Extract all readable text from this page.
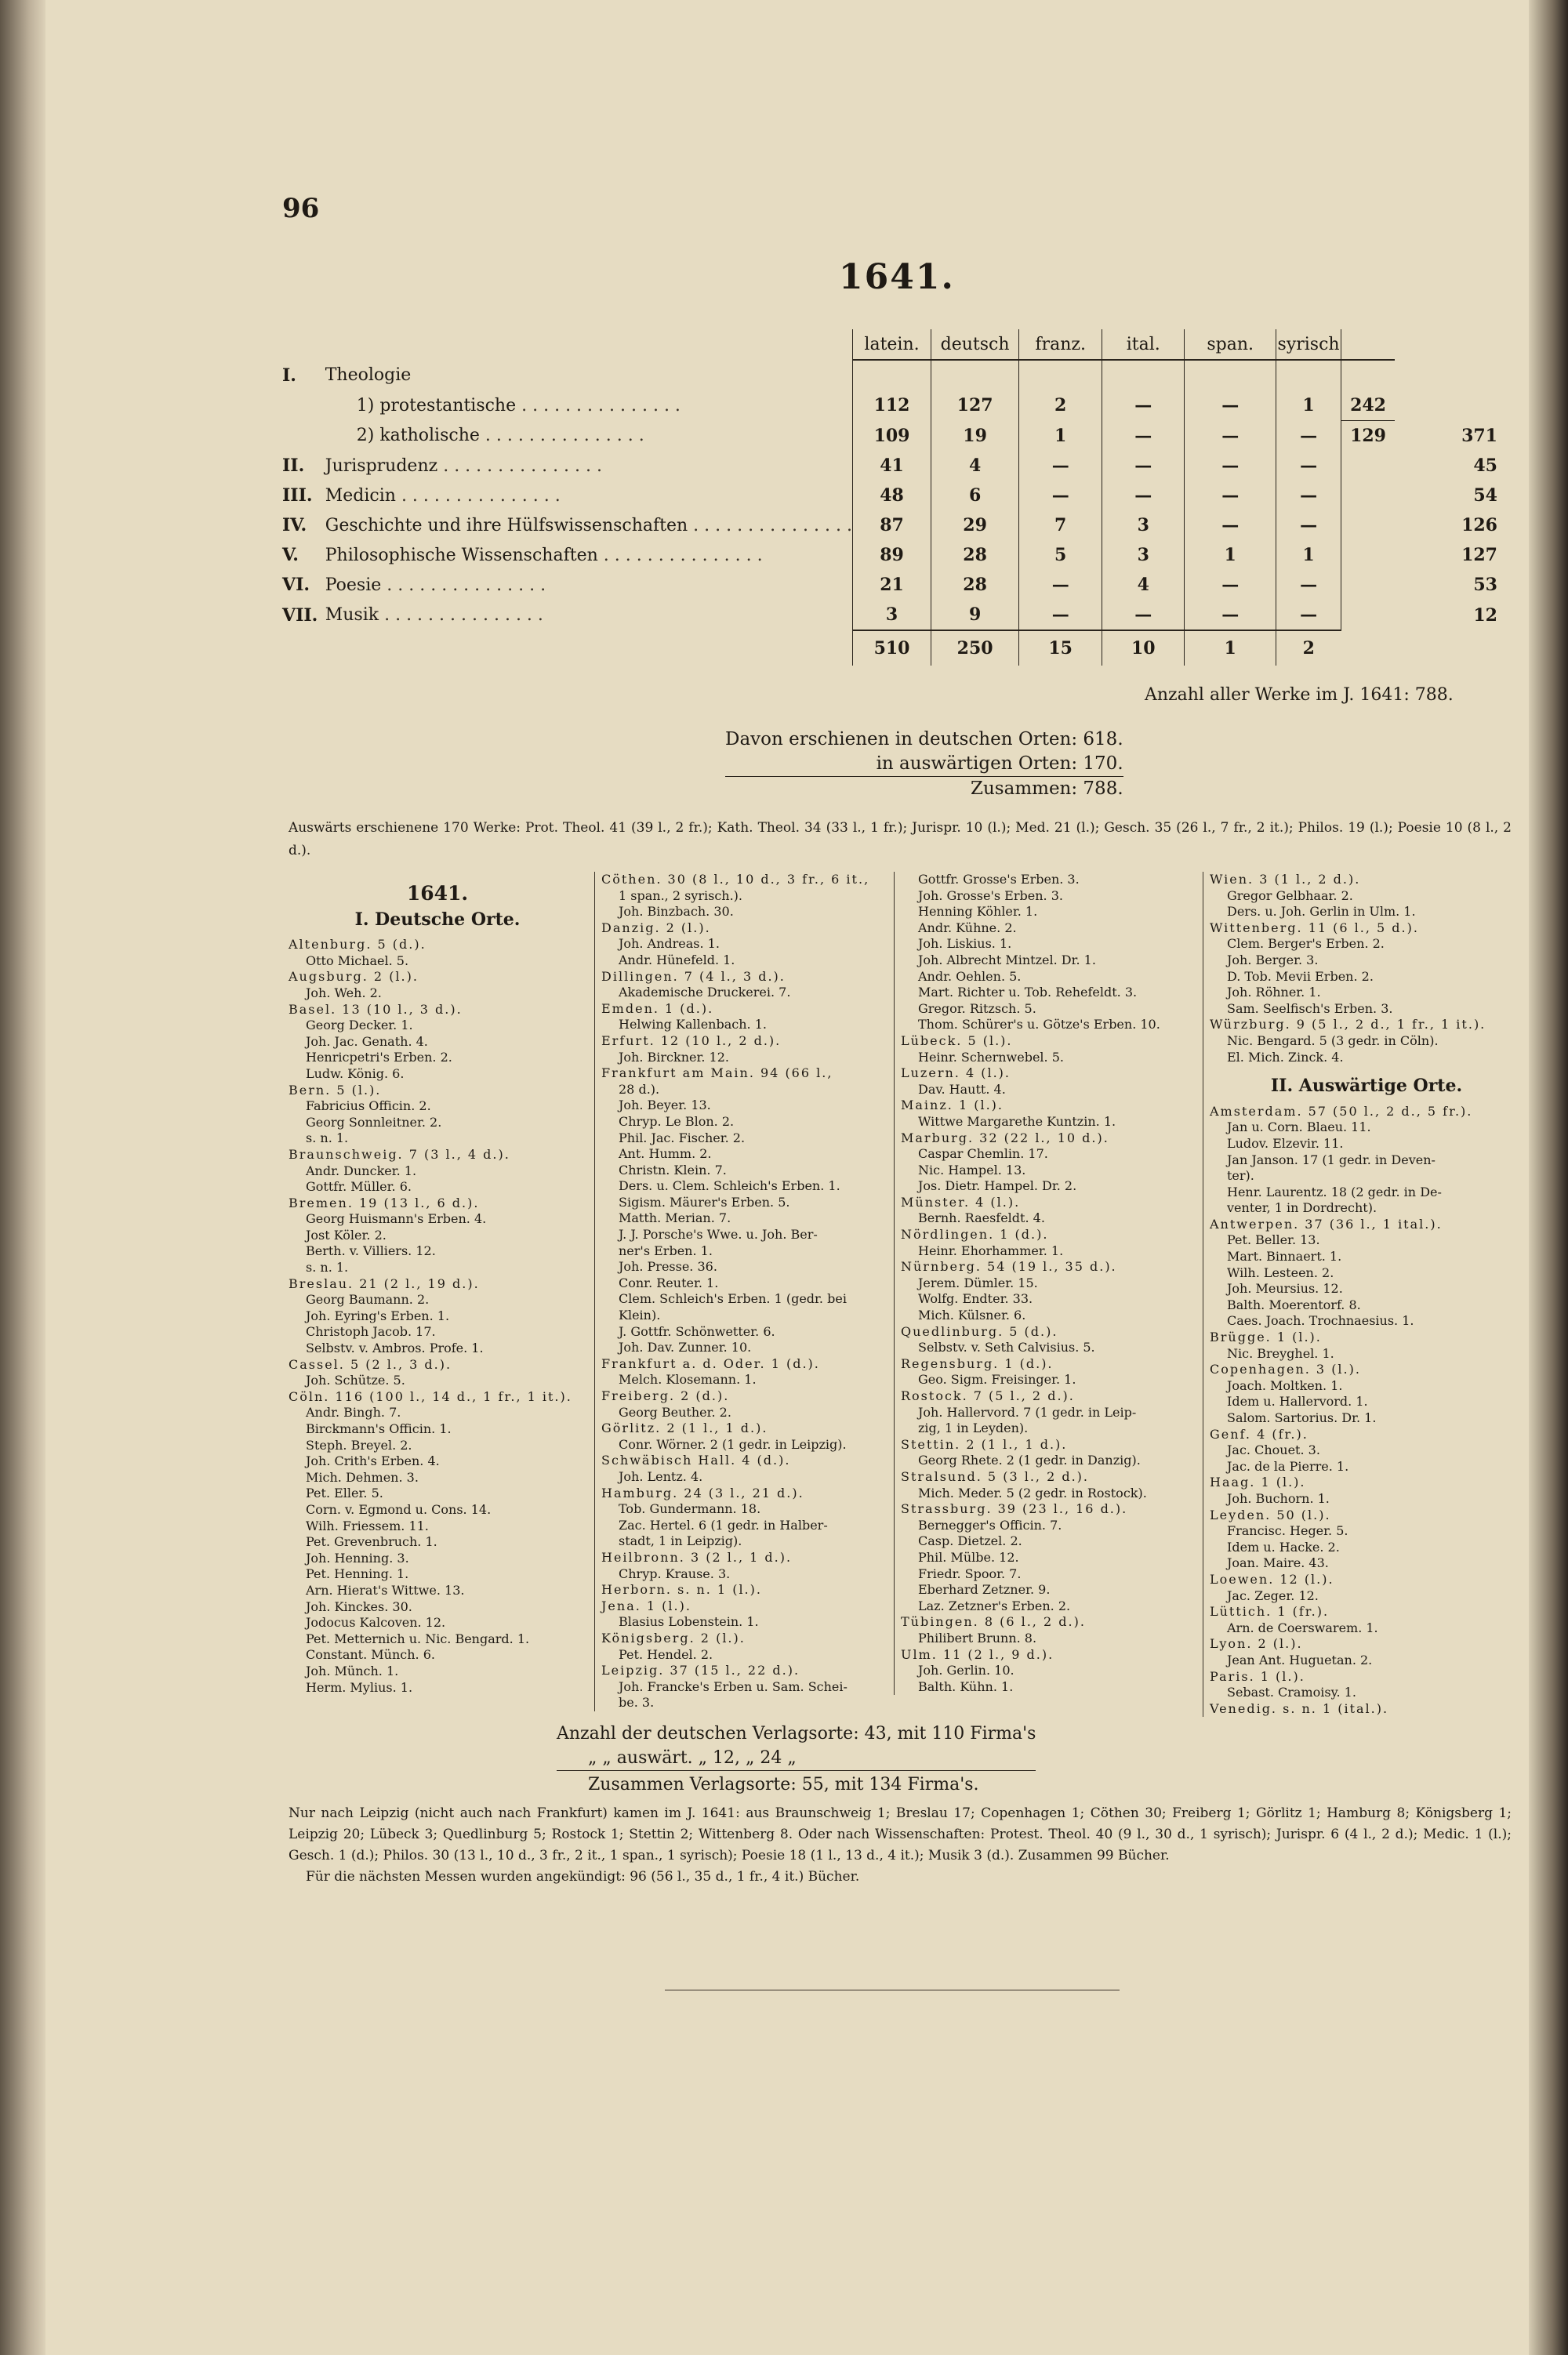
96
1641.
		latein.	deutsch	franz.	ital.	span.	syrisch		
I.	Theologie								
	1) protestantische . . . . . . . . . . . . . . .	112	127	2	—	—	1	242	
	2) katholische . . . . . . . . . . . . . . .	109	19	1	—	—	—	129	371
II.	Jurisprudenz . . . . . . . . . . . . . . .	41	4	—	—	—	—		45
III.	Medicin . . . . . . . . . . . . . . .	48	6	—	—	—	—		54
IV.	Geschichte und ihre Hülfswissenschaften . . . . . . . . . . . . . . .	87	29	7	3	—	—		126
V.	Philosophische Wissenschaften . . . . . . . . . . . . . . .	89	28	5	3	1	1		127
VI.	Poesie . . . . . . . . . . . . . . .	21	28	—	4	—	—		53
VII.	Musik . . . . . . . . . . . . . . .	3	9	—	—	—	—		12
		510	250	15	10	1	2		
Anzahl aller Werke im J. 1641: 788.
Davon erschienen in deutschen Orten: 618.
in auswärtigen Orten: 170.
Zusammen: 788.
Auswärts erschienene 170 Werke: Prot. Theol. 41 (39 l., 2 fr.); Kath. Theol. 34 (33 l., 1 fr.); Jurispr. 10 (l.); Med. 21 (l.); Gesch. 35 (26 l., 7 fr., 2 it.); Philos. 19 (l.); Poesie 10 (8 l., 2 d.).
1641.
I. Deutsche Orte.
Altenburg. 5 (d.).
Otto Michael. 5.
Augsburg. 2 (l.).
Joh. Weh. 2.
Basel. 13 (10 l., 3 d.).
Georg Decker. 1.
Joh. Jac. Genath. 4.
Henricpetri's Erben. 2.
Ludw. König. 6.
Bern. 5 (l.).
Fabricius Officin. 2.
Georg Sonnleitner. 2.
s. n. 1.
Braunschweig. 7 (3 l., 4 d.).
Andr. Duncker. 1.
Gottfr. Müller. 6.
Bremen. 19 (13 l., 6 d.).
Georg Huismann's Erben. 4.
Jost Köler. 2.
Berth. v. Villiers. 12.
s. n. 1.
Breslau. 21 (2 l., 19 d.).
Georg Baumann. 2.
Joh. Eyring's Erben. 1.
Christoph Jacob. 17.
Selbstv. v. Ambros. Profe. 1.
Cassel. 5 (2 l., 3 d.).
Joh. Schütze. 5.
Cöln. 116 (100 l., 14 d., 1 fr., 1 it.).
Andr. Bingh. 7.
Birckmann's Officin. 1.
Steph. Breyel. 2.
Joh. Crith's Erben. 4.
Mich. Dehmen. 3.
Pet. Eller. 5.
Corn. v. Egmond u. Cons. 14.
Wilh. Friessem. 11.
Pet. Grevenbruch. 1.
Joh. Henning. 3.
Pet. Henning. 1.
Arn. Hierat's Wittwe. 13.
Joh. Kinckes. 30.
Jodocus Kalcoven. 12.
Pet. Metternich u. Nic. Bengard. 1.
Constant. Münch. 6.
Joh. Münch. 1.
Herm. Mylius. 1.
Cöthen. 30 (8 l., 10 d., 3 fr., 6 it.,
1 span., 2 syrisch.).
Joh. Binzbach. 30.
Danzig. 2 (l.).
Joh. Andreas. 1.
Andr. Hünefeld. 1.
Dillingen. 7 (4 l., 3 d.).
Akademische Druckerei. 7.
Emden. 1 (d.).
Helwing Kallenbach. 1.
Erfurt. 12 (10 l., 2 d.).
Joh. Birckner. 12.
Frankfurt am Main. 94 (66 l.,
28 d.).
Joh. Beyer. 13.
Chryp. Le Blon. 2.
Phil. Jac. Fischer. 2.
Ant. Humm. 2.
Christn. Klein. 7.
Ders. u. Clem. Schleich's Erben. 1.
Sigism. Mäurer's Erben. 5.
Matth. Merian. 7.
J. J. Porsche's Wwe. u. Joh. Ber-
ner's Erben. 1.
Joh. Presse. 36.
Conr. Reuter. 1.
Clem. Schleich's Erben. 1 (gedr. bei
Klein).
J. Gottfr. Schönwetter. 6.
Joh. Dav. Zunner. 10.
Frankfurt a. d. Oder. 1 (d.).
Melch. Klosemann. 1.
Freiberg. 2 (d.).
Georg Beuther. 2.
Görlitz. 2 (1 l., 1 d.).
Conr. Wörner. 2 (1 gedr. in Leipzig).
Schwäbisch Hall. 4 (d.).
Joh. Lentz. 4.
Hamburg. 24 (3 l., 21 d.).
Tob. Gundermann. 18.
Zac. Hertel. 6 (1 gedr. in Halber-
stadt, 1 in Leipzig).
Heilbronn. 3 (2 l., 1 d.).
Chryp. Krause. 3.
Herborn. s. n. 1 (l.).
Jena. 1 (l.).
Blasius Lobenstein. 1.
Königsberg. 2 (l.).
Pet. Hendel. 2.
Leipzig. 37 (15 l., 22 d.).
Joh. Francke's Erben u. Sam. Schei-
be. 3.
Gottfr. Grosse's Erben. 3.
Joh. Grosse's Erben. 3.
Henning Köhler. 1.
Andr. Kühne. 2.
Joh. Liskius. 1.
Joh. Albrecht Mintzel. Dr. 1.
Andr. Oehlen. 5.
Mart. Richter u. Tob. Rehefeldt. 3.
Gregor. Ritzsch. 5.
Thom. Schürer's u. Götze's Erben. 10.
Lübeck. 5 (l.).
Heinr. Schernwebel. 5.
Luzern. 4 (l.).
Dav. Hautt. 4.
Mainz. 1 (l.).
Wittwe Margarethe Kuntzin. 1.
Marburg. 32 (22 l., 10 d.).
Caspar Chemlin. 17.
Nic. Hampel. 13.
Jos. Dietr. Hampel. Dr. 2.
Münster. 4 (l.).
Bernh. Raesfeldt. 4.
Nördlingen. 1 (d.).
Heinr. Ehorhammer. 1.
Nürnberg. 54 (19 l., 35 d.).
Jerem. Dümler. 15.
Wolfg. Endter. 33.
Mich. Külsner. 6.
Quedlinburg. 5 (d.).
Selbstv. v. Seth Calvisius. 5.
Regensburg. 1 (d.).
Geo. Sigm. Freisinger. 1.
Rostock. 7 (5 l., 2 d.).
Joh. Hallervord. 7 (1 gedr. in Leip-
zig, 1 in Leyden).
Stettin. 2 (1 l., 1 d.).
Georg Rhete. 2 (1 gedr. in Danzig).
Stralsund. 5 (3 l., 2 d.).
Mich. Meder. 5 (2 gedr. in Rostock).
Strassburg. 39 (23 l., 16 d.).
Bernegger's Officin. 7.
Casp. Dietzel. 2.
Phil. Mülbe. 12.
Friedr. Spoor. 7.
Eberhard Zetzner. 9.
Laz. Zetzner's Erben. 2.
Tübingen. 8 (6 l., 2 d.).
Philibert Brunn. 8.
Ulm. 11 (2 l., 9 d.).
Joh. Gerlin. 10.
Balth. Kühn. 1.
Wien. 3 (1 l., 2 d.).
Gregor Gelbhaar. 2.
Ders. u. Joh. Gerlin in Ulm. 1.
Wittenberg. 11 (6 l., 5 d.).
Clem. Berger's Erben. 2.
Joh. Berger. 3.
D. Tob. Mevii Erben. 2.
Joh. Röhner. 1.
Sam. Seelfisch's Erben. 3.
Würzburg. 9 (5 l., 2 d., 1 fr., 1 it.).
Nic. Bengard. 5 (3 gedr. in Cöln).
El. Mich. Zinck. 4.
II. Auswärtige Orte.
Amsterdam. 57 (50 l., 2 d., 5 fr.).
Jan u. Corn. Blaeu. 11.
Ludov. Elzevir. 11.
Jan Janson. 17 (1 gedr. in Deven-
ter).
Henr. Laurentz. 18 (2 gedr. in De-
venter, 1 in Dordrecht).
Antwerpen. 37 (36 l., 1 ital.).
Pet. Beller. 13.
Mart. Binnaert. 1.
Wilh. Lesteen. 2.
Joh. Meursius. 12.
Balth. Moerentorf. 8.
Caes. Joach. Trochnaesius. 1.
Brügge. 1 (l.).
Nic. Breyghel. 1.
Copenhagen. 3 (l.).
Joach. Moltken. 1.
Idem u. Hallervord. 1.
Salom. Sartorius. Dr. 1.
Genf. 4 (fr.).
Jac. Chouet. 3.
Jac. de la Pierre. 1.
Haag. 1 (l.).
Joh. Buchorn. 1.
Leyden. 50 (l.).
Francisc. Heger. 5.
Idem u. Hacke. 2.
Joan. Maire. 43.
Loewen. 12 (l.).
Jac. Zeger. 12.
Lüttich. 1 (fr.).
Arn. de Coerswarem. 1.
Lyon. 2 (l.).
Jean Ant. Huguetan. 2.
Paris. 1 (l.).
Sebast. Cramoisy. 1.
Venedig. s. n. 1 (ital.).
Anzahl der deutschen Verlagsorte: 43, mit 110 Firma's
„ „ auswärt. „ 12, „ 24 „
Zusammen Verlagsorte: 55, mit 134 Firma's.
Nur nach Leipzig (nicht auch nach Frankfurt) kamen im J. 1641: aus Braunschweig 1; Breslau 17; Copenhagen 1; Cöthen 30; Freiberg 1; Görlitz 1; Hamburg 8; Königsberg 1; Leipzig 20; Lübeck 3; Quedlinburg 5; Rostock 1; Stettin 2; Wittenberg 8. Oder nach Wissenschaften: Protest. Theol. 40 (9 l., 30 d., 1 syrisch); Jurispr. 6 (4 l., 2 d.); Medic. 1 (l.); Gesch. 1 (d.); Philos. 30 (13 l., 10 d., 3 fr., 2 it., 1 span., 1 syrisch); Poesie 18 (1 l., 13 d., 4 it.); Musik 3 (d.). Zusammen 99 Bücher.
Für die nächsten Messen wurden angekündigt: 96 (56 l., 35 d., 1 fr., 4 it.) Bücher.
